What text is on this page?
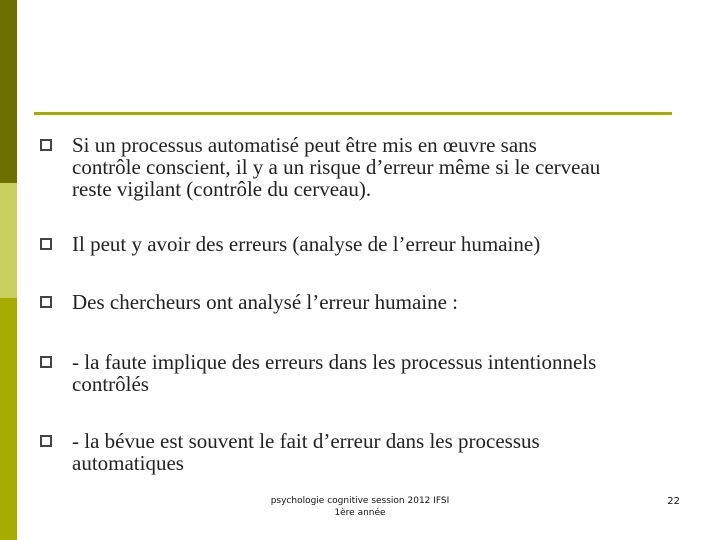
Si un processus automatisé peut être mis en œuvre sans
contrôle conscient, il y a un risque d’erreur même si le cerveau
reste vigilant (contrôle du cerveau).
Il peut y avoir des erreurs (analyse de l’erreur humaine)
Des chercheurs ont analysé l’erreur humaine :
- la faute implique des erreurs dans les processus intentionnels
contrôlés
- la bévue est souvent le fait d’erreur dans les processus
automatiques
psychologie cognitive session 2012 IFSI
1ère année
22
